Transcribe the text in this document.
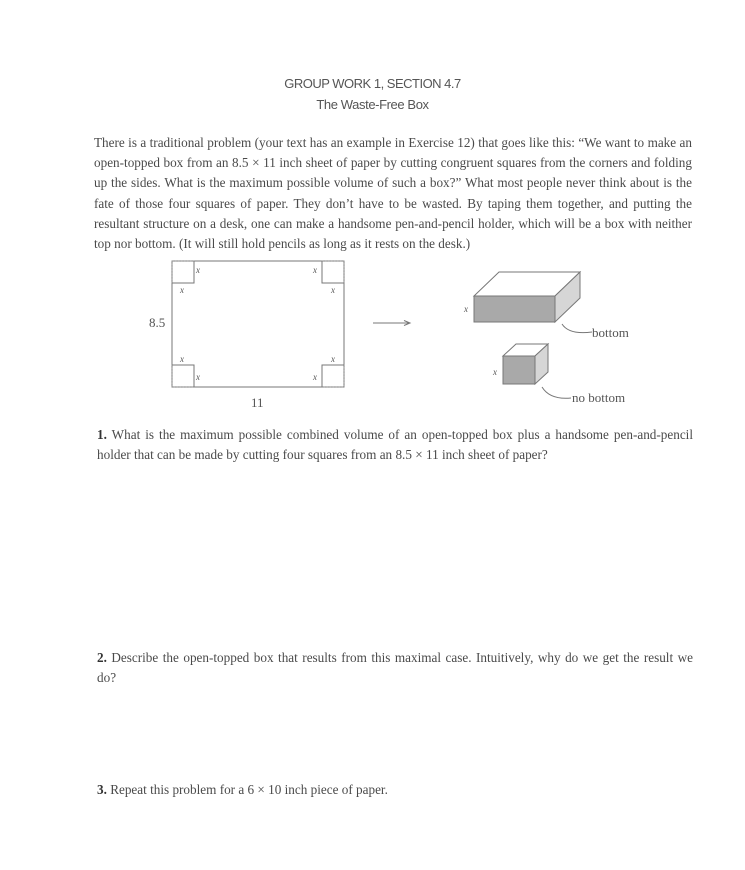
GROUP WORK 1, SECTION 4.7
The Waste-Free Box
There is a traditional problem (your text has an example in Exercise 12) that goes like this: “We want to make an open-topped box from an 8.5 × 11 inch sheet of paper by cutting congruent squares from the corners and folding up the sides. What is the maximum possible volume of such a box?” What most people never think about is the fate of those four squares of paper. They don’t have to be wasted. By taping them together, and putting the resultant structure on a desk, one can make a handsome pen-and-pencil holder, which will be a box with neither top nor bottom. (It will still hold pencils as long as it rests on the desk.)
x
x
x
x
x
x
x
x
8.5
11
x
bottom
x
no bottom
1. What is the maximum possible combined volume of an open-topped box plus a handsome pen-and-pencil holder that can be made by cutting four squares from an 8.5 × 11 inch sheet of paper?
2. Describe the open-topped box that results from this maximal case. Intuitively, why do we get the result we do?
3. Repeat this problem for a 6 × 10 inch piece of paper.
